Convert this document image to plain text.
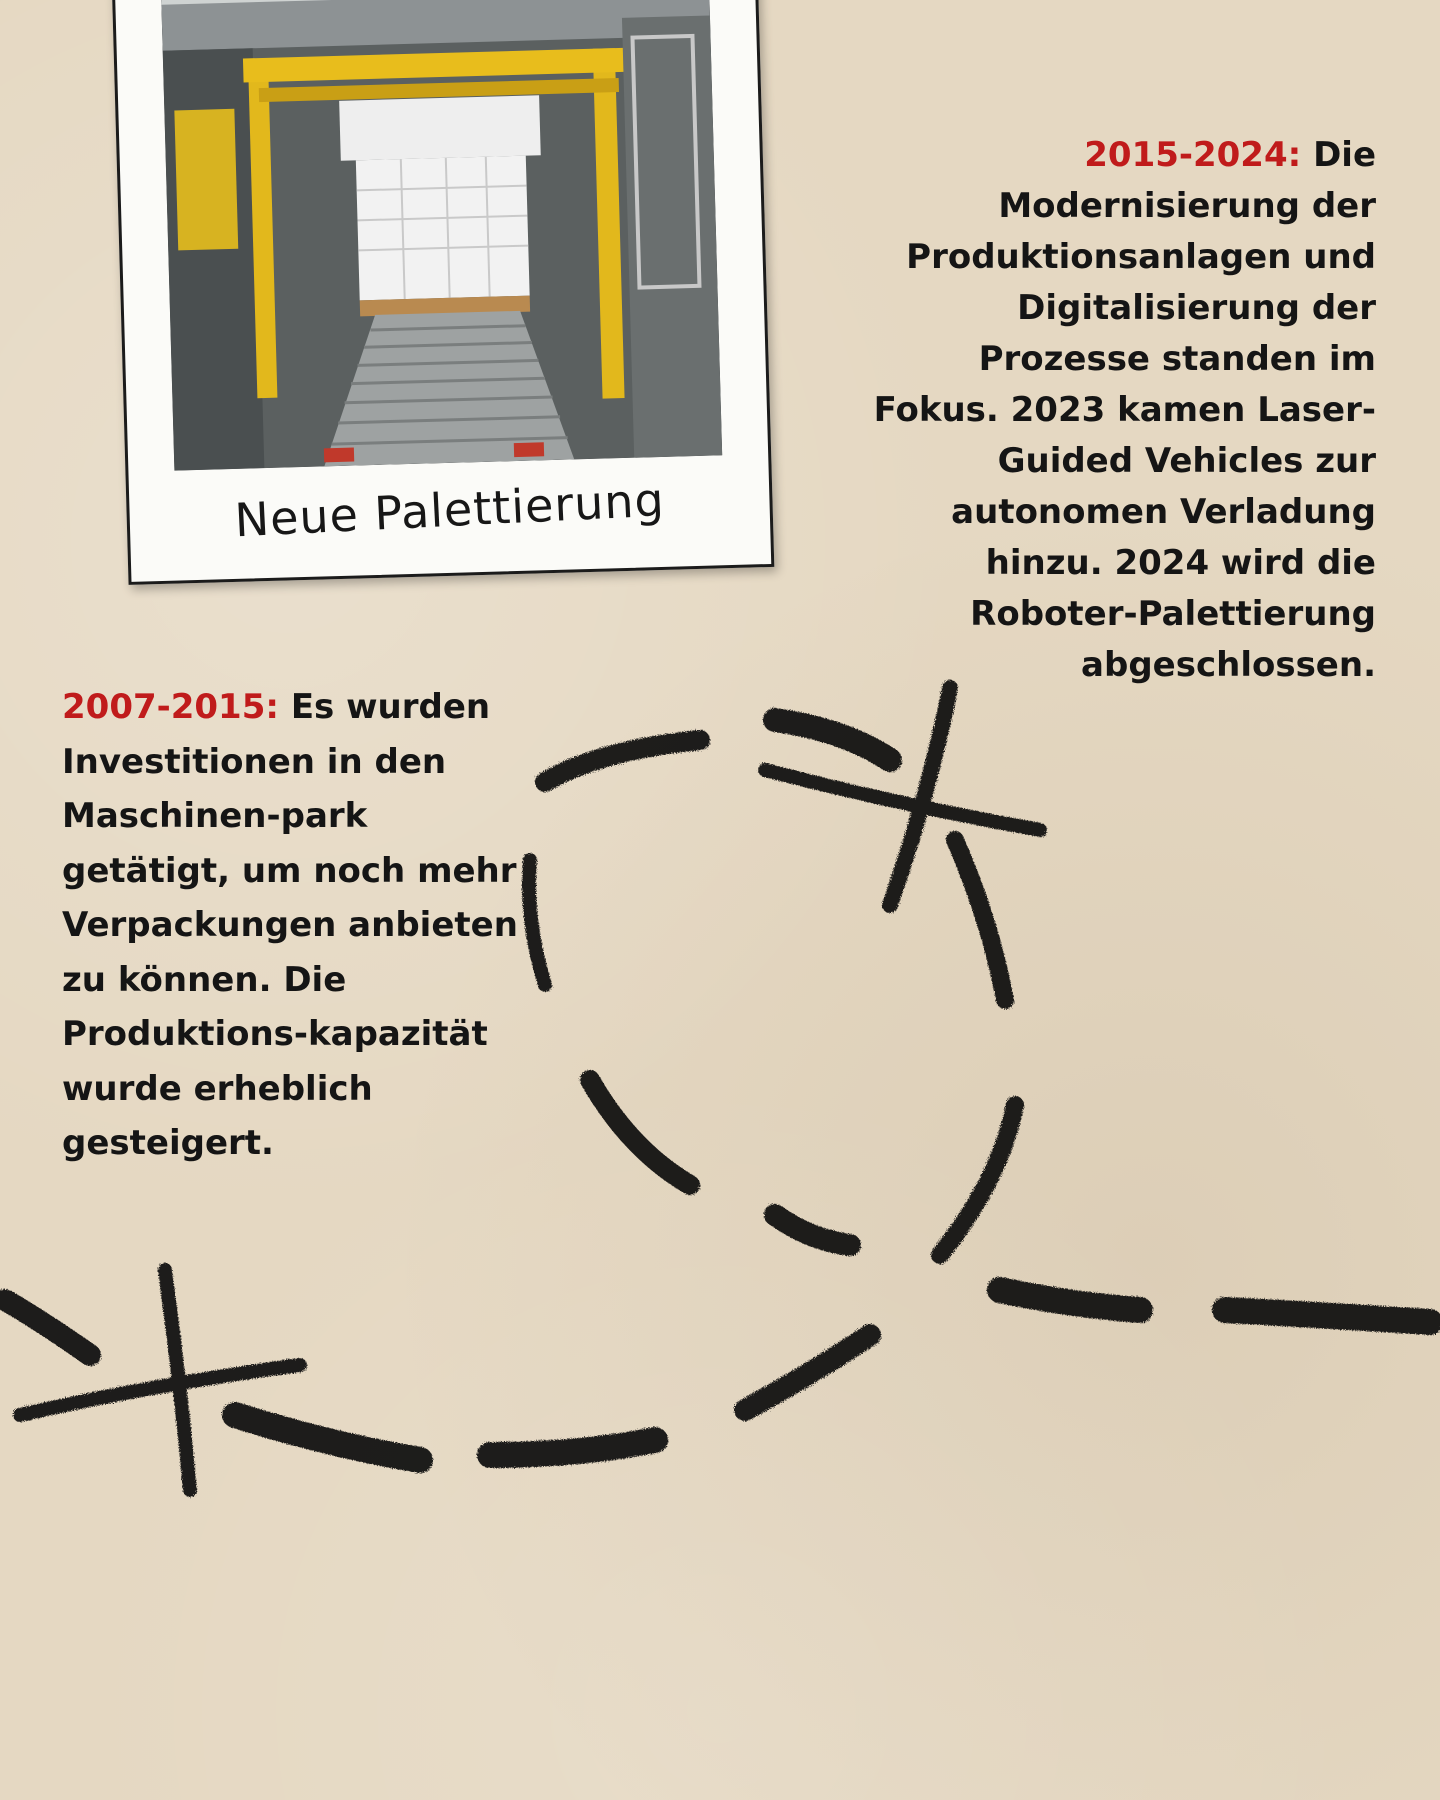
Neue Palettierung
2015-2024: Die Modernisierung der Produktionsanlagen und Digitalisierung der Prozesse standen im Fokus. 2023 kamen Laser-Guided Vehicles zur autonomen Verladung hinzu. 2024 wird die Roboter-Palettierung abgeschlossen.
2007-2015: Es wurden Investitionen in den Maschinen-park getätigt, um noch mehr Verpackungen anbieten zu können. Die Produktions-kapazität wurde erheblich gesteigert.
